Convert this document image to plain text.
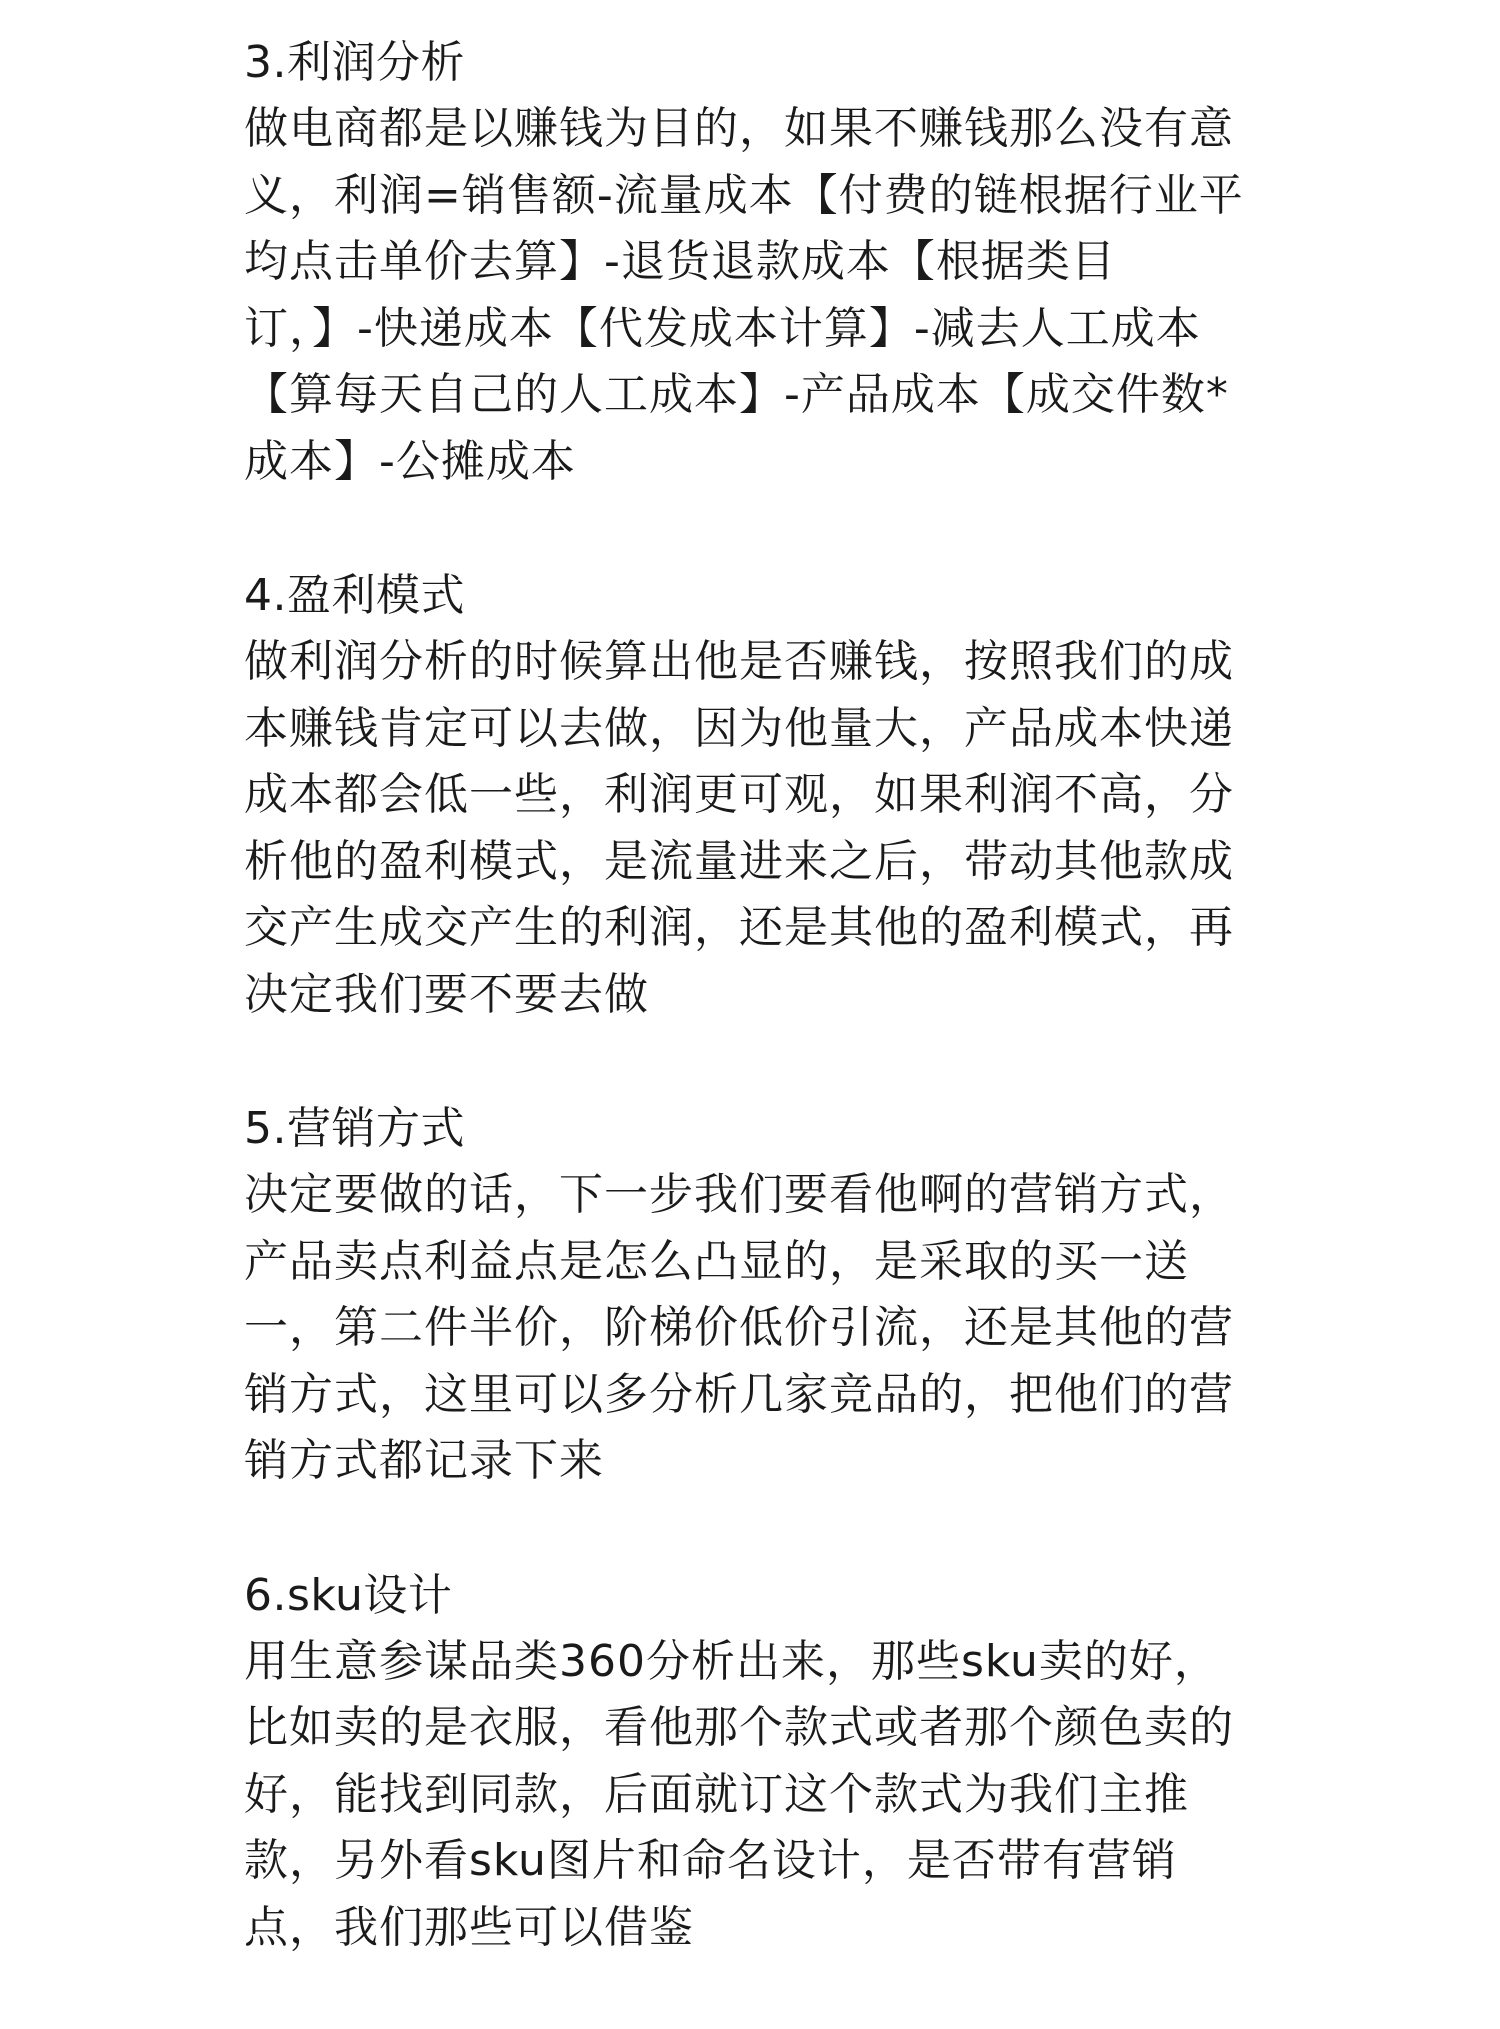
3.利润分析

做电商都是以赚钱为目的，如果不赚钱那么没有意
义，利润=销售额-流量成本【付费的链根据行业平
均点击单价去算】-退货退款成本【根据类目
订，】-快递成本【代发成本计算】-减去人工成本
【算每天自己的人工成本】-产品成本【成交件数*
成本】-公摊成本

4.盈利模式

做利润分析的时候算出他是否赚钱，按照我们的成
本赚钱肯定可以去做，因为他量大，产品成本快递
成本都会低一些，利润更可观，如果利润不高，分
析他的盈利模式，是流量进来之后，带动其他款成
交产生成交产生的利润，还是其他的盈利模式，再
决定我们要不要去做

5.营销方式

决定要做的话，下一步我们要看他啊的营销方式，
产品卖点利益点是怎么凸显的，是采取的买一送
一，第二件半价，阶梯价低价引流，还是其他的营
销方式，这里可以多分析几家竞品的，把他们的营
销方式都记录下来

6.sku设计

用生意参谋品类360分析出来，那些sku卖的好，
比如卖的是衣服，看他那个款式或者那个颜色卖的
好，能找到同款，后面就订这个款式为我们主推
款，另外看sku图片和命名设计，是否带有营销
点，我们那些可以借鉴
